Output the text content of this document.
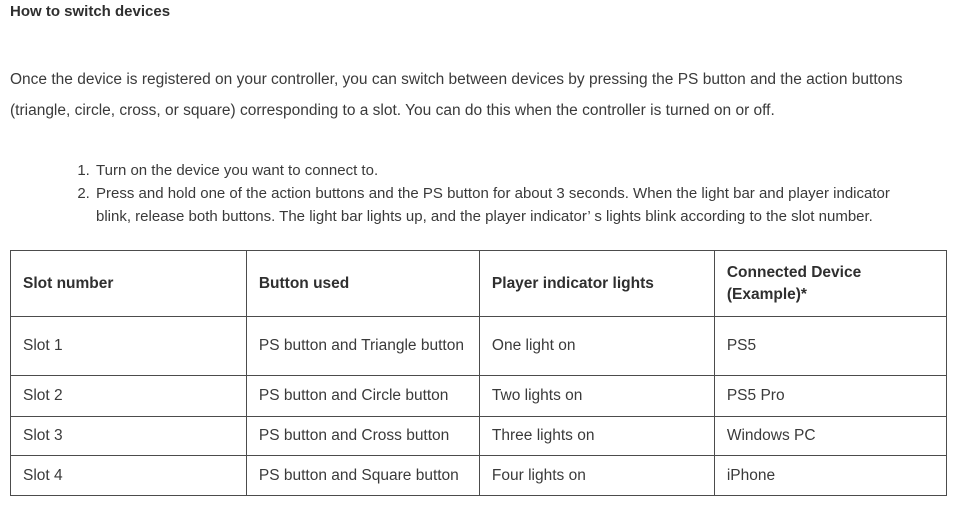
How to switch devices

Once the device is registered on your controller, you can switch between devices by pressing the PS button and the action buttons (triangle, circle, cross, or square) corresponding to a slot. You can do this when the controller is turned on or off.

1. Turn on the device you want to connect to.
2. Press and hold one of the action buttons and the PS button for about 3 seconds. When the light bar and player indicator blink, release both buttons. The light bar lights up, and the player indicator’ s lights blink according to the slot number.
Slot number	Button used	Player indicator lights	Connected Device (Example)*
Slot 1	PS button and Triangle button	One light on	PS5
Slot 2	PS button and Circle button	Two lights on	PS5 Pro
Slot 3	PS button and Cross button	Three lights on	Windows PC
Slot 4	PS button and Square button	Four lights on	iPhone
